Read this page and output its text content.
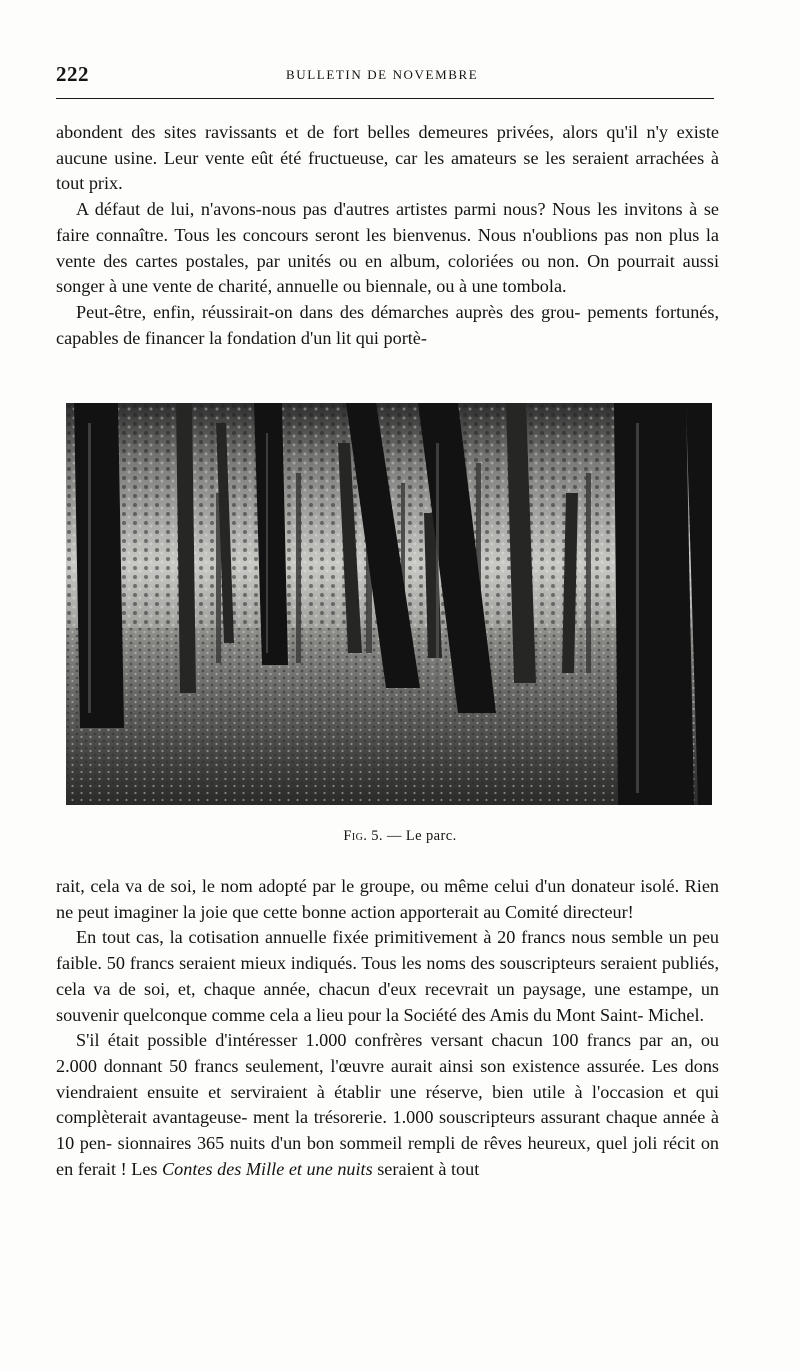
222	BULLETIN DE NOVEMBRE

abondent des sites ravissants et de fort belles demeures privées, alors qu'il n'y existe aucune usine. Leur vente eût été fructueuse, car les amateurs se les seraient arrachées à tout prix.

A défaut de lui, n'avons-nous pas d'autres artistes parmi nous? Nous les invitons à se faire connaître. Tous les concours seront les bienvenus. Nous n'oublions pas non plus la vente des cartes postales, par unités ou en album, coloriées ou non. On pourrait aussi songer à une vente de charité, annuelle ou biennale, ou à une tombola.

Peut-être, enfin, réussirait-on dans des démarches auprès des grou- pements fortunés, capables de financer la fondation d'un lit qui portè-

Fig. 5. — Le parc.

rait, cela va de soi, le nom adopté par le groupe, ou même celui d'un donateur isolé. Rien ne peut imaginer la joie que cette bonne action apporterait au Comité directeur!

En tout cas, la cotisation annuelle fixée primitivement à 20 francs nous semble un peu faible. 50 francs seraient mieux indiqués. Tous les noms des souscripteurs seraient publiés, cela va de soi, et, chaque année, chacun d'eux recevrait un paysage, une estampe, un souvenir quelconque comme cela a lieu pour la Société des Amis du Mont Saint- Michel.

S'il était possible d'intéresser 1.000 confrères versant chacun 100 francs par an, ou 2.000 donnant 50 francs seulement, l'œuvre aurait ainsi son existence assurée. Les dons viendraient ensuite et serviraient à établir une réserve, bien utile à l'occasion et qui complèterait avantageuse- ment la trésorerie. 1.000 souscripteurs assurant chaque année à 10 pen- sionnaires 365 nuits d'un bon sommeil rempli de rêves heureux, quel joli récit on en ferait ! Les Contes des Mille et une nuits seraient à tout
